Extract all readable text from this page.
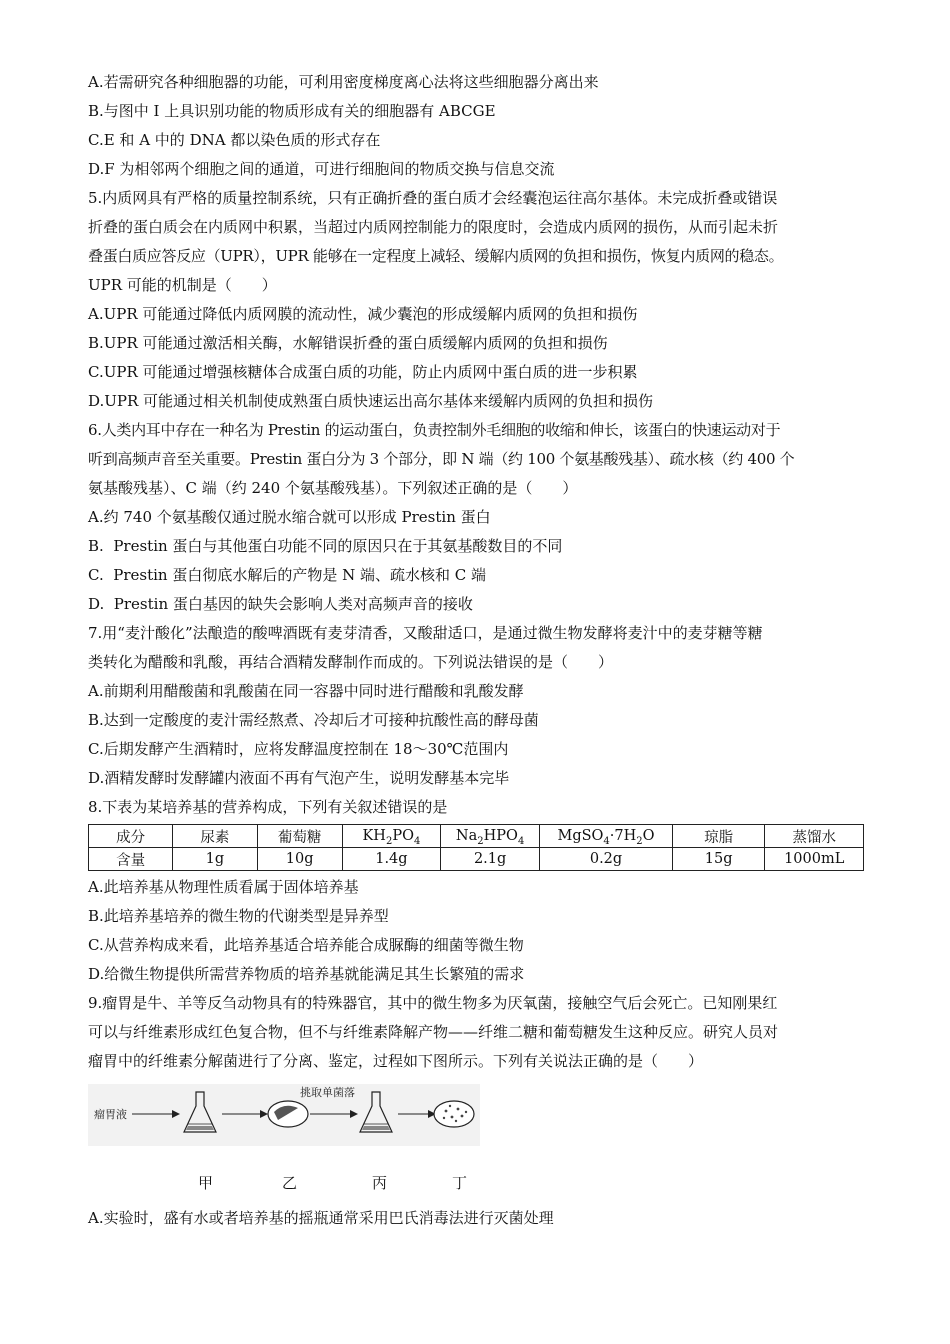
A.若需研究各种细胞器的功能，可利用密度梯度离心法将这些细胞器分离出来
B.与图中 I 上具识别功能的物质形成有关的细胞器有 ABCGE
C.E 和 A 中的 DNA 都以染色质的形式存在
D.F 为相邻两个细胞之间的通道，可进行细胞间的物质交换与信息交流
5.内质网具有严格的质量控制系统，只有正确折叠的蛋白质才会经囊泡运往高尔基体。未完成折叠或错误
折叠的蛋白质会在内质网中积累，当超过内质网控制能力的限度时，会造成内质网的损伤，从而引起未折
叠蛋白质应答反应（UPR），UPR 能够在一定程度上减轻、缓解内质网的负担和损伤，恢复内质网的稳态。
UPR 可能的机制是（　　）
A.UPR 可能通过降低内质网膜的流动性，减少囊泡的形成缓解内质网的负担和损伤
B.UPR 可能通过激活相关酶，水解错误折叠的蛋白质缓解内质网的负担和损伤
C.UPR 可能通过增强核糖体合成蛋白质的功能，防止内质网中蛋白质的进一步积累
D.UPR 可能通过相关机制使成熟蛋白质快速运出高尔基体来缓解内质网的负担和损伤
6.人类内耳中存在一种名为 Prestin 的运动蛋白，负责控制外毛细胞的收缩和伸长，该蛋白的快速运动对于
听到高频声音至关重要。Prestin 蛋白分为 3 个部分，即 N 端（约 100 个氨基酸残基）、疏水核（约 400 个
氨基酸残基）、C 端（约 240 个氨基酸残基）。下列叙述正确的是（　　）
A.约 740 个氨基酸仅通过脱水缩合就可以形成 Prestin 蛋白
B.  Prestin 蛋白与其他蛋白功能不同的原因只在于其氨基酸数目的不同
C.  Prestin 蛋白彻底水解后的产物是 N 端、疏水核和 C 端
D.  Prestin 蛋白基因的缺失会影响人类对高频声音的接收
7.用“麦汁酸化”法酿造的酸啤酒既有麦芽清香，又酸甜适口，是通过微生物发酵将麦汁中的麦芽糖等糖
类转化为醋酸和乳酸，再结合酒精发酵制作而成的。下列说法错误的是（　　）
A.前期利用醋酸菌和乳酸菌在同一容器中同时进行醋酸和乳酸发酵
B.达到一定酸度的麦汁需经熬煮、冷却后才可接种抗酸性高的酵母菌
C.后期发酵产生酒精时，应将发酵温度控制在 18～30℃范围内
D.酒精发酵时发酵罐内液面不再有气泡产生，说明发酵基本完毕
8.下表为某培养基的营养构成，下列有关叙述错误的是
成分	尿素	葡萄糖	$KH_2PO_4$	$Na_2HPO_4$	$MgSO_4\cdot 7H_2O$	琼脂	蒸馏水
含量	1g	10g	1.4g	2.1g	0.2g	15g	1000mL
A.此培养基从物理性质看属于固体培养基
B.此培养基培养的微生物的代谢类型是异养型
C.从营养构成来看，此培养基适合培养能合成脲酶的细菌等微生物
D.给微生物提供所需营养物质的培养基就能满足其生长繁殖的需求
9.瘤胃是牛、羊等反刍动物具有的特殊器官，其中的微生物多为厌氧菌，接触空气后会死亡。已知刚果红
可以与纤维素形成红色复合物，但不与纤维素降解产物——纤维二糖和葡萄糖发生这种反应。研究人员对
瘤胃中的纤维素分解菌进行了分离、鉴定，过程如下图所示。下列有关说法正确的是（　　）
瘤胃液
挑取单菌落
甲	乙	丙	丁
A.实验时，盛有水或者培养基的摇瓶通常采用巴氏消毒法进行灭菌处理
